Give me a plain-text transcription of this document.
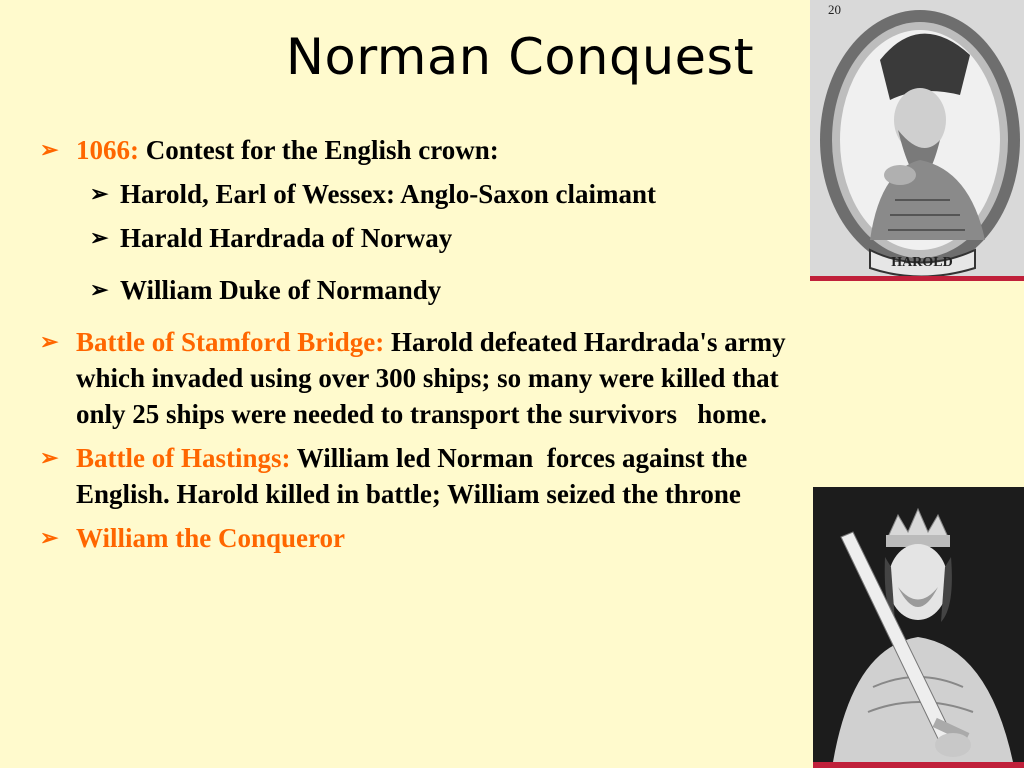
Norman Conquest
➢ 1066: Contest for the English crown:
➢ Harold, Earl of Wessex: Anglo-Saxon claimant
➢ Harald Hardrada of Norway
➢ William Duke of Normandy
➢ Battle of Stamford Bridge: Harold defeated Hardrada's army which invaded using over 300 ships; so many were killed that only 25 ships were needed to transport the survivors   home.
➢ Battle of Hastings: William led Norman  forces against the English. Harold killed in battle; William seized the throne
➢ William the Conqueror
HAROLD
20
